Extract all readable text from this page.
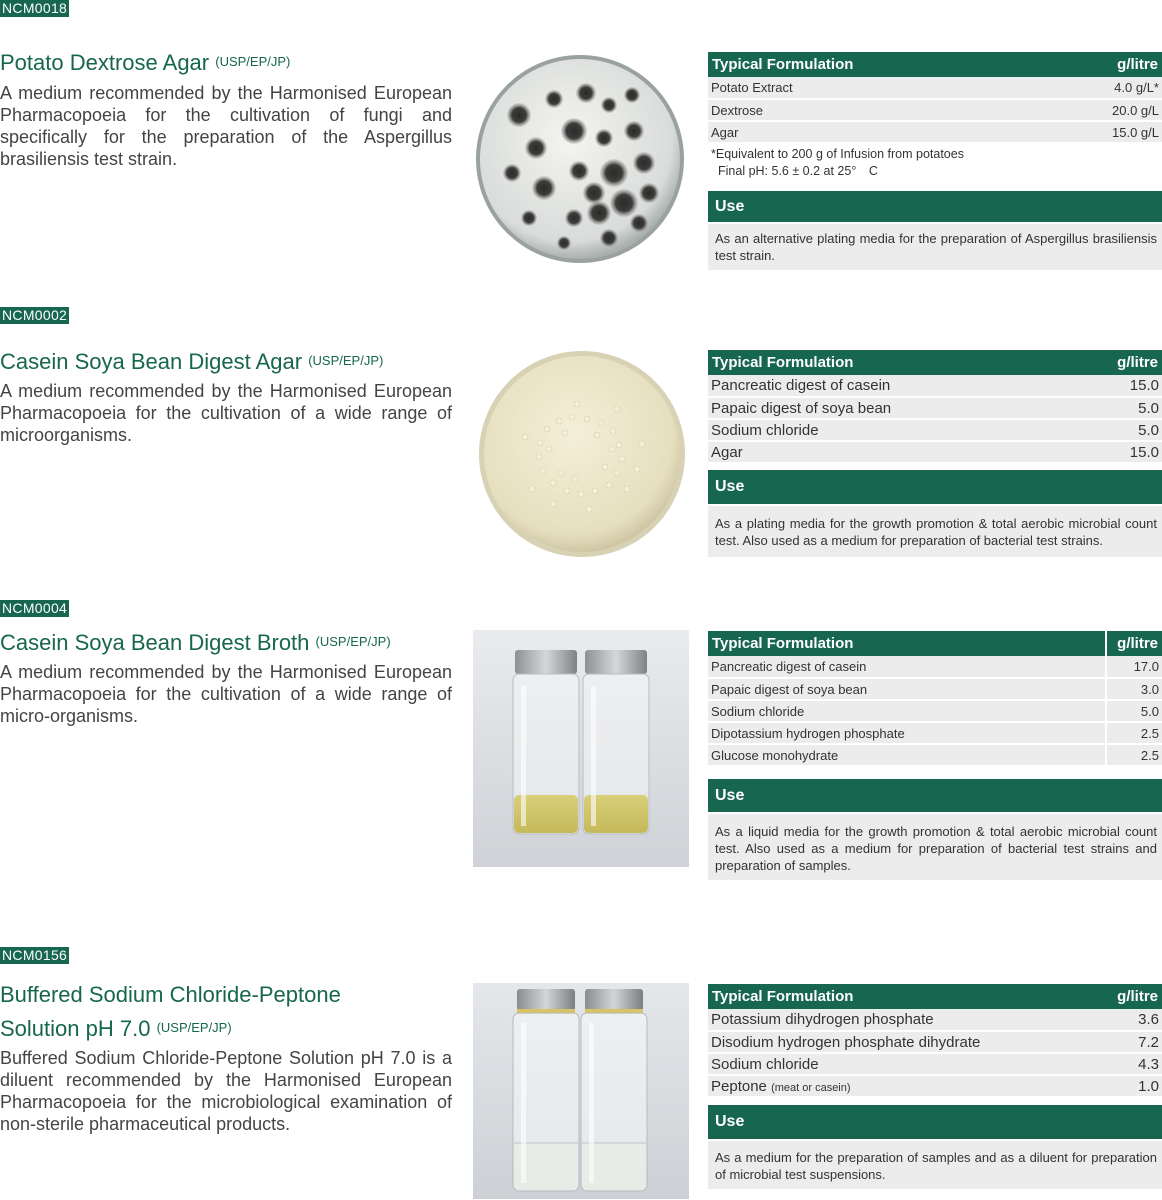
NCM0018
Potato Dextrose Agar (USP/EP/JP)

A medium recommended by the Harmonised European Pharmacopoeia for the cultivation of fungi and specifically for the preparation of the Aspergillus brasiliensis test strain.

Typical Formulation	g/litre
Potato Extract	4.0 g/L*
Dextrose	20.0 g/L
Agar	15.0 g/L
*Equivalent to 200 g of Infusion from potatoes
Final pH: 5.6 ± 0.2 at 25°　C
Use
As an alternative plating media for the preparation of Aspergillus brasiliensis test strain.
NCM0002
Casein Soya Bean Digest Agar (USP/EP/JP)

A medium recommended by the Harmonised European Pharmacopoeia for the cultivation of a wide range of microorganisms.

Typical Formulation	g/litre
Pancreatic digest of casein	15.0
Papaic digest of soya bean	5.0
Sodium chloride	5.0
Agar	15.0
Use
As a plating media for the growth promotion & total aerobic microbial count test. Also used as a medium for preparation of bacterial test strains.
NCM0004
Casein Soya Bean Digest Broth (USP/EP/JP)

A medium recommended by the Harmonised European Pharmacopoeia for the cultivation of a wide range of micro-organisms.

Typical Formulation	g/litre
Pancreatic digest of casein	17.0
Papaic digest of soya bean	3.0
Sodium chloride	5.0
Dipotassium hydrogen phosphate	2.5
Glucose monohydrate	2.5
Use
As a liquid media for the growth promotion & total aerobic microbial count test. Also used as a medium for preparation of bacterial test strains and preparation of samples.
NCM0156
Buffered Sodium Chloride-Peptone
Solution pH 7.0 (USP/EP/JP)

Buffered Sodium Chloride-Peptone Solution pH 7.0 is a diluent recommended by the Harmonised European Pharmacopoeia for the microbiological examination of non-sterile pharmaceutical products.

Typical Formulation	g/litre
Potassium dihydrogen phosphate	3.6
Disodium hydrogen phosphate dihydrate	7.2
Sodium chloride	4.3
Peptone (meat or casein)	1.0
Use
As a medium for the preparation of samples and as a diluent for preparation of microbial test suspensions.
